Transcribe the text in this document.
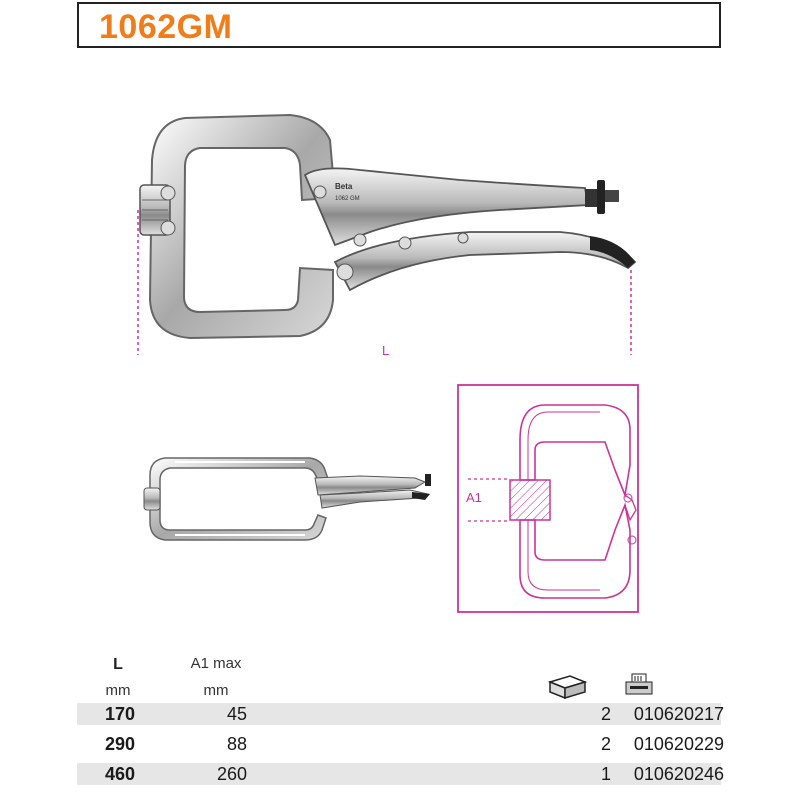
1062GM
Beta
1062 GM
L
A1
L
mm
A1 max
mm
170	45	2	010620217
290	88	2	010620229
460	260	1	010620246
